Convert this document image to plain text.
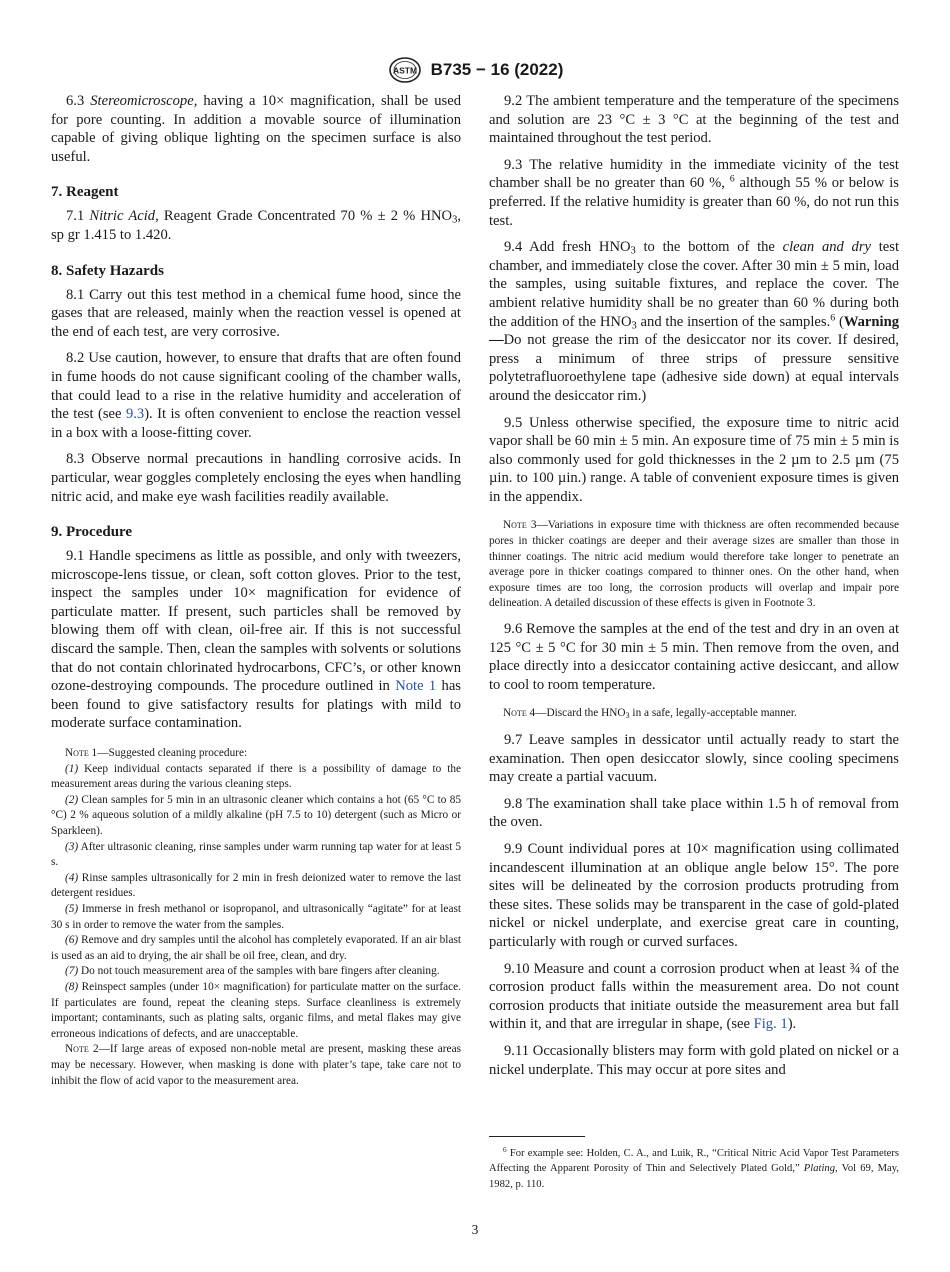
ASTM B735 − 16 (2022)

6.3 Stereomicroscope, having a 10× magnification, shall be used for pore counting. In addition a movable source of illumination capable of giving oblique lighting on the specimen surface is also useful.

7. Reagent

7.1 Nitric Acid, Reagent Grade Concentrated 70 % ± 2 % $HNO_3$, sp gr 1.415 to 1.420.

8. Safety Hazards

8.1 Carry out this test method in a chemical fume hood, since the gases that are released, mainly when the reaction vessel is opened at the end of each test, are very corrosive.

8.2 Use caution, however, to ensure that drafts that are often found in fume hoods do not cause significant cooling of the chamber walls, that could lead to a rise in the relative humidity and acceleration of the test (see 9.3). It is often convenient to enclose the reaction vessel in a box with a loose-fitting cover.

8.3 Observe normal precautions in handling corrosive acids. In particular, wear goggles completely enclosing the eyes when handling nitric acid, and make eye wash facilities readily available.

9. Procedure

9.1 Handle specimens as little as possible, and only with tweezers, microscope-lens tissue, or clean, soft cotton gloves. Prior to the test, inspect the samples under 10× magnification for evidence of particulate matter. If present, such particles shall be removed by blowing them off with clean, oil-free air. If this is not successful discard the sample. Then, clean the samples with solvents or solutions that do not contain chlorinated hydrocarbons, CFC’s, or other known ozone-destroying compounds. The procedure outlined in Note 1 has been found to give satisfactory results for platings with mild to moderate surface contamination.

Note 1—Suggested cleaning procedure:

(1) Keep individual contacts separated if there is a possibility of damage to the measurement areas during the various cleaning steps.

(2) Clean samples for 5 min in an ultrasonic cleaner which contains a hot (65 °C to 85 °C) 2 % aqueous solution of a mildly alkaline (pH 7.5 to 10) detergent (such as Micro or Sparkleen).

(3) After ultrasonic cleaning, rinse samples under warm running tap water for at least 5 s.

(4) Rinse samples ultrasonically for 2 min in fresh deionized water to remove the last detergent residues.

(5) Immerse in fresh methanol or isopropanol, and ultrasonically “agitate” for at least 30 s in order to remove the water from the samples.

(6) Remove and dry samples until the alcohol has completely evaporated. If an air blast is used as an aid to drying, the air shall be oil free, clean, and dry.

(7) Do not touch measurement area of the samples with bare fingers after cleaning.

(8) Reinspect samples (under 10× magnification) for particulate matter on the surface. If particulates are found, repeat the cleaning steps. Surface cleanliness is extremely important; contaminants, such as plating salts, organic films, and metal flakes may give erroneous indications of defects, and are unacceptable.

Note 2—If large areas of exposed non-noble metal are present, masking these areas may be necessary. However, when masking is done with plater’s tape, take care not to inhibit the flow of acid vapor to the measurement area.

9.2 The ambient temperature and the temperature of the specimens and solution are 23 °C ± 3 °C at the beginning of the test and maintained throughout the test period.

9.3 The relative humidity in the immediate vicinity of the test chamber shall be no greater than 60 %, $^6$ although 55 % or below is preferred. If the relative humidity is greater than 60 %, do not run this test.

9.4 Add fresh $HNO_3$ to the bottom of the clean and dry test chamber, and immediately close the cover. After 30 min ± 5 min, load the samples, using suitable fixtures, and replace the cover. The ambient relative humidity shall be no greater than 60 % during both the addition of the $HNO_3$ and the insertion of the samples.$^6$ (Warning—Do not grease the rim of the desiccator nor its cover. If desired, press a minimum of three strips of pressure sensitive polytetrafluoroethylene tape (adhesive side down) at equal intervals around the desiccator rim.)

9.5 Unless otherwise specified, the exposure time to nitric acid vapor shall be 60 min ± 5 min. An exposure time of 75 min ± 5 min is also commonly used for gold thicknesses in the 2 µm to 2.5 µm (75 µin. to 100 µin.) range. A table of convenient exposure times is given in the appendix.

Note 3—Variations in exposure time with thickness are often recommended because pores in thicker coatings are deeper and their average sizes are smaller than those in thinner coatings. The nitric acid medium would therefore take longer to penetrate an average pore in thicker coatings compared to thinner ones. On the other hand, when exposure times are too long, the corrosion products will overlap and impair pore delineation. A detailed discussion of these effects is given in Footnote 3.

9.6 Remove the samples at the end of the test and dry in an oven at 125 °C ± 5 °C for 30 min ± 5 min. Then remove from the oven, and place directly into a desiccator containing active desiccant, and allow to cool to room temperature.

Note 4—Discard the $HNO_3$ in a safe, legally-acceptable manner.

9.7 Leave samples in dessicator until actually ready to start the examination. Then open desiccator slowly, since cooling specimens may create a partial vacuum.

9.8 The examination shall take place within 1.5 h of removal from the oven.

9.9 Count individual pores at 10× magnification using collimated incandescent illumination at an oblique angle below 15°. The pore sites will be delineated by the corrosion products protruding from these sites. These solids may be transparent in the case of gold-plated nickel or nickel underplate, and exercise great care in counting, particularly with rough or curved surfaces.

9.10 Measure and count a corrosion product when at least ¾ of the corrosion product falls within the measurement area. Do not count corrosion products that initiate outside the measurement area but fall within it, and that are irregular in shape, (see Fig. 1).

9.11 Occasionally blisters may form with gold plated on nickel or a nickel underplate. This may occur at pore sites and

$^6$ For example see: Holden, C. A., and Luik, R., “Critical Nitric Acid Vapor Test Parameters Affecting the Apparent Porosity of Thin and Selectively Plated Gold,” Plating, Vol 69, May, 1982, p. 110.

3
